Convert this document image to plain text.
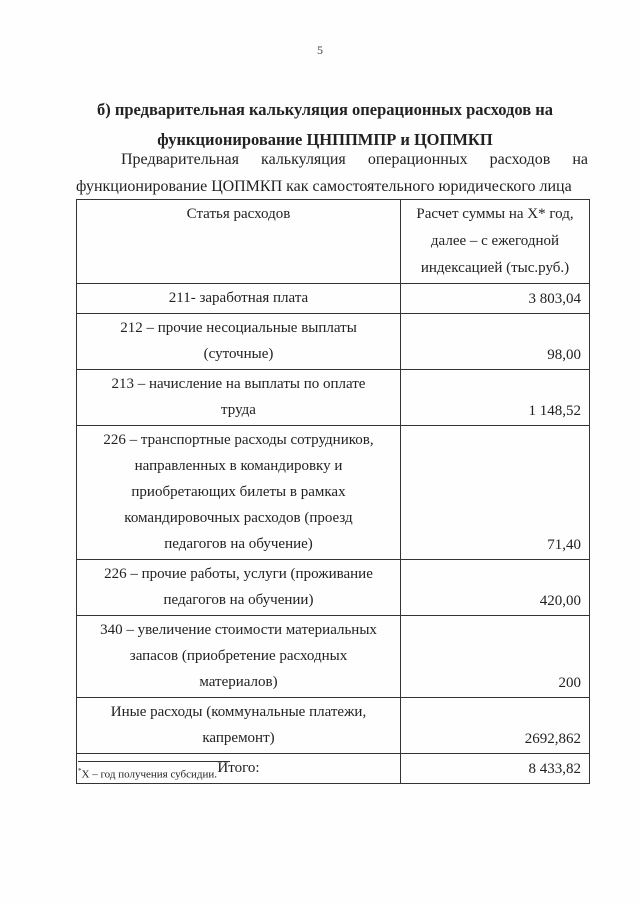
5
б) предварительная калькуляция операционных расходов на
функционирование ЦНППМПР и ЦОПМКП
Предварительная калькуляция операционных расходов на
функционирование ЦОПМКП как самостоятельного юридического лица
Статья расходов	Расчет суммы на Х* год,
далее – с ежегодной
индексацией (тыс.руб.)

211- заработная плата	3 803,04

212 – прочие несоциальные выплаты
(суточные)	98,00

213 – начисление на выплаты по оплате
труда	1 148,52

226 – транспортные расходы сотрудников,
направленных в командировку и
приобретающих билеты в рамках
командировочных расходов (проезд
педагогов на обучение)	71,40

226 – прочие работы, услуги (проживание
педагогов на обучении)	420,00

340 – увеличение стоимости материальных
запасов (приобретение расходных
материалов)	200

Иные расходы (коммунальные платежи,
капремонт)	2692,862
Итого:	8 433,82
*Х – год получения субсидии.
